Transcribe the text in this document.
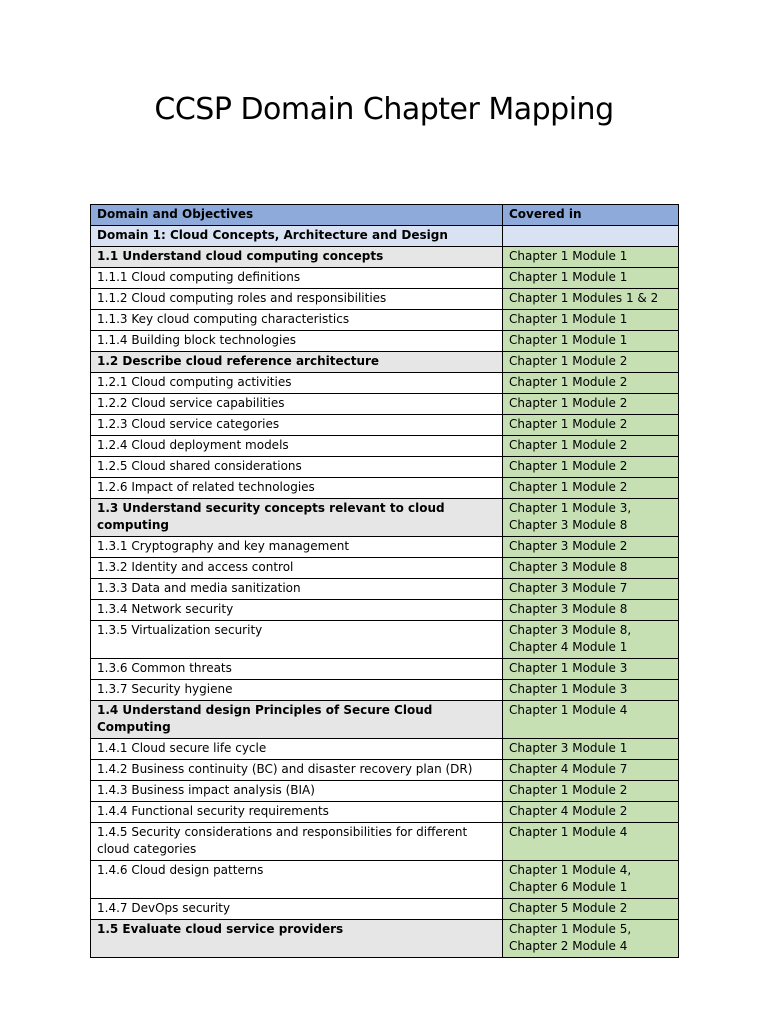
CCSP Domain Chapter Mapping
Domain and Objectives	Covered in
Domain 1: Cloud Concepts, Architecture and Design	
1.1 Understand cloud computing concepts	Chapter 1 Module 1
1.1.1 Cloud computing definitions	Chapter 1 Module 1
1.1.2 Cloud computing roles and responsibilities	Chapter 1 Modules 1 & 2
1.1.3 Key cloud computing characteristics	Chapter 1 Module 1
1.1.4 Building block technologies	Chapter 1 Module 1
1.2 Describe cloud reference architecture	Chapter 1 Module 2
1.2.1 Cloud computing activities	Chapter 1 Module 2
1.2.2 Cloud service capabilities	Chapter 1 Module 2
1.2.3 Cloud service categories	Chapter 1 Module 2
1.2.4 Cloud deployment models	Chapter 1 Module 2
1.2.5 Cloud shared considerations	Chapter 1 Module 2
1.2.6 Impact of related technologies	Chapter 1 Module 2
1.3 Understand security concepts relevant to cloud computing	Chapter 1 Module 3,
Chapter 3 Module 8

1.3.1 Cryptography and key management	Chapter 3 Module 2
1.3.2 Identity and access control	Chapter 3 Module 8
1.3.3 Data and media sanitization	Chapter 3 Module 7
1.3.4 Network security	Chapter 3 Module 8
1.3.5 Virtualization security	Chapter 3 Module 8,
Chapter 4 Module 1

1.3.6 Common threats	Chapter 1 Module 3
1.3.7 Security hygiene	Chapter 1 Module 3
1.4 Understand design Principles of Secure Cloud Computing	Chapter 1 Module 4
1.4.1 Cloud secure life cycle	Chapter 3 Module 1
1.4.2 Business continuity (BC) and disaster recovery plan (DR)	Chapter 4 Module 7
1.4.3 Business impact analysis (BIA)	Chapter 1 Module 2
1.4.4 Functional security requirements	Chapter 4 Module 2

1.4.5 Security considerations and responsibilities for different
cloud categories	Chapter 1 Module 4
1.4.6 Cloud design patterns	Chapter 1 Module 4,
Chapter 6 Module 1

1.4.7 DevOps security	Chapter 5 Module 2
1.5 Evaluate cloud service providers	Chapter 1 Module 5,
Chapter 2 Module 4
